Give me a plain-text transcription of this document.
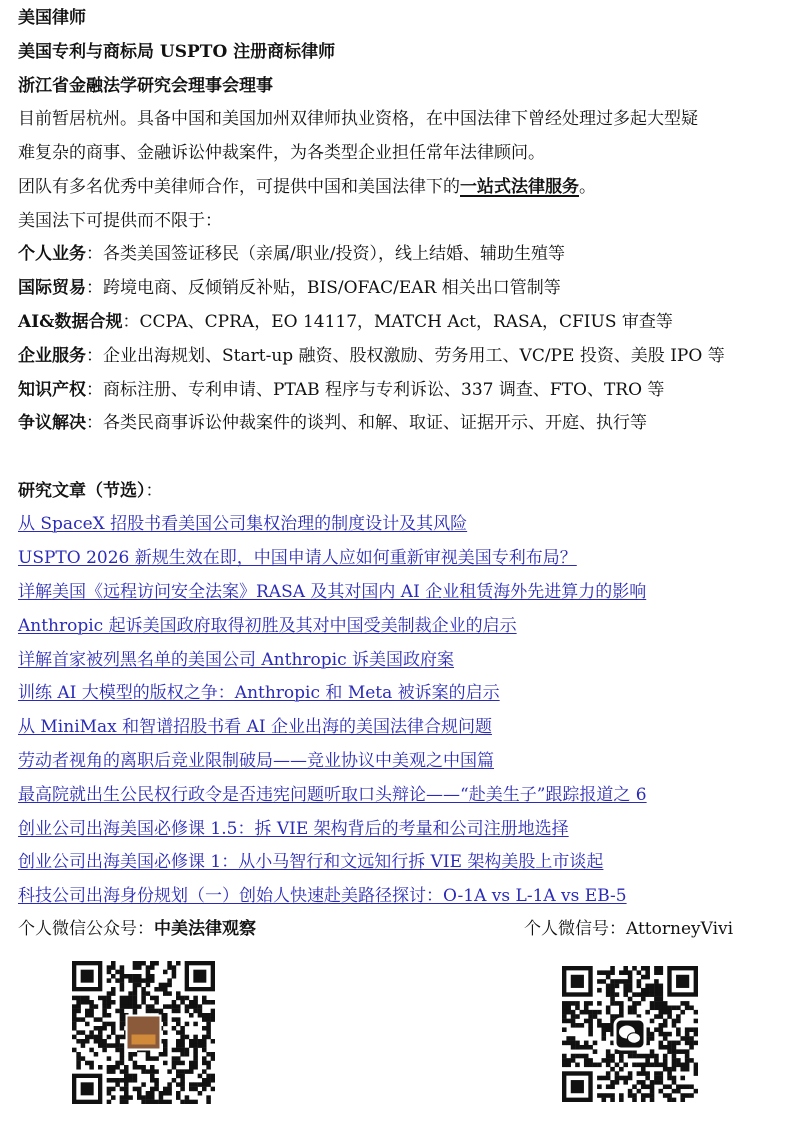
美国律师
美国专利与商标局 USPTO 注册商标律师
浙江省金融法学研究会理事会理事
目前暂居杭州。具备中国和美国加州双律师执业资格，在中国法律下曾经处理过多起大型疑
难复杂的商事、金融诉讼仲裁案件，为各类型企业担任常年法律顾问。
团队有多名优秀中美律师合作，可提供中国和美国法律下的一站式法律服务。
美国法下可提供而不限于：
个人业务：各类美国签证移民（亲属/职业/投资），线上结婚、辅助生殖等
国际贸易：跨境电商、反倾销反补贴，BIS/OFAC/EAR 相关出口管制等
AI&数据合规：CCPA、CPRA，EO 14117，MATCH Act，RASA，CFIUS 审查等
企业服务：企业出海规划、Start-up 融资、股权激励、劳务用工、VC/PE 投资、美股 IPO 等
知识产权：商标注册、专利申请、PTAB 程序与专利诉讼、337 调查、FTO、TRO 等
争议解决：各类民商事诉讼仲裁案件的谈判、和解、取证、证据开示、开庭、执行等
研究文章（节选）：
从 SpaceX 招股书看美国公司集权治理的制度设计及其风险
USPTO 2026 新规生效在即，中国申请人应如何重新审视美国专利布局？
详解美国《远程访问安全法案》RASA 及其对国内 AI 企业租赁海外先进算力的影响
Anthropic 起诉美国政府取得初胜及其对中国受美制裁企业的启示
详解首家被列黑名单的美国公司 Anthropic 诉美国政府案
训练 AI 大模型的版权之争：Anthropic 和 Meta 被诉案的启示
从 MiniMax 和智谱招股书看 AI 企业出海的美国法律合规问题
劳动者视角的离职后竞业限制破局——竞业协议中美观之中国篇
最高院就出生公民权行政令是否违宪问题听取口头辩论——“赴美生子”跟踪报道之 6
创业公司出海美国必修课 1.5：拆 VIE 架构背后的考量和公司注册地选择
创业公司出海美国必修课 1：从小马智行和文远知行拆 VIE 架构美股上市谈起
科技公司出海身份规划（一）创始人快速赴美路径探讨：O-1A vs L-1A vs EB-5
个人微信公众号：中美法律观察	个人微信号：AttorneyVivi
